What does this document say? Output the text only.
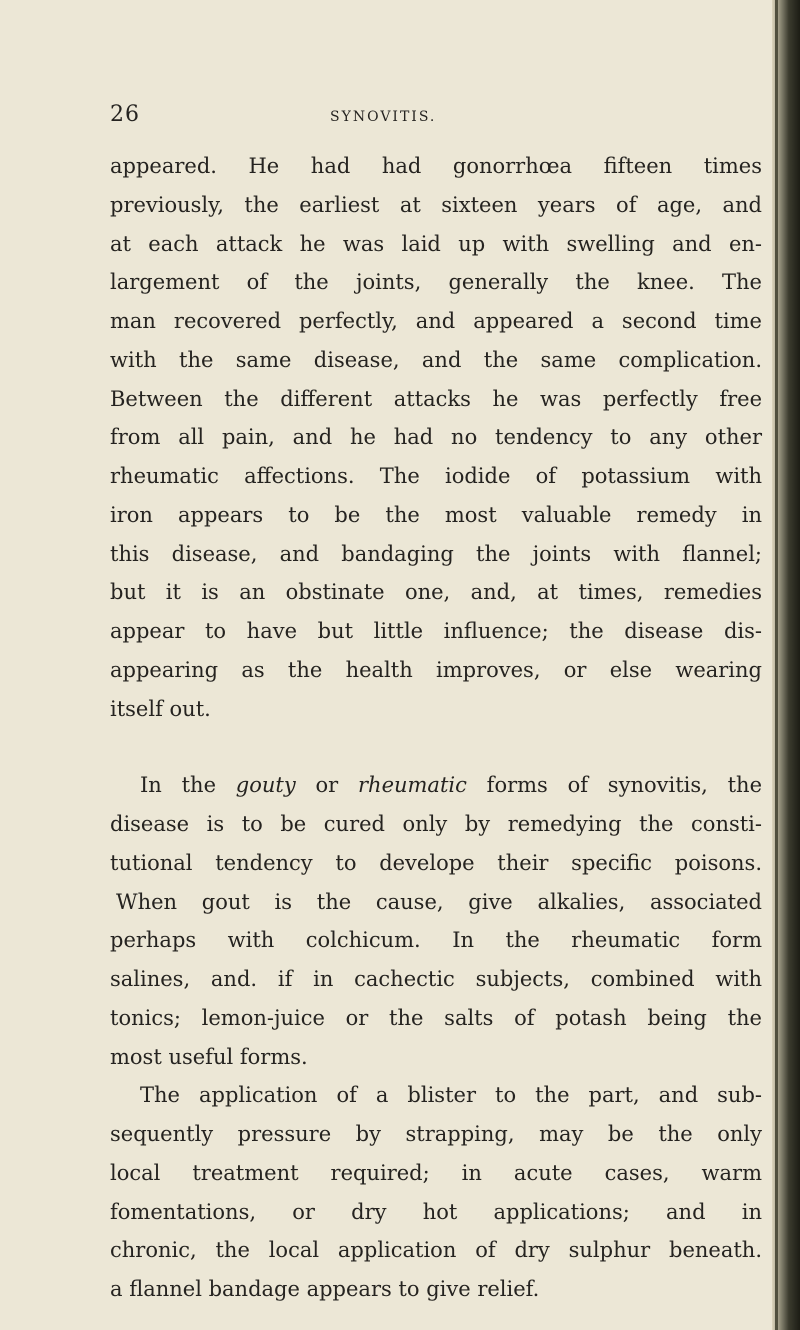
26	SYNOVITIS.
appeared. He had had gonorrhœa fifteen times
previously, the earliest at sixteen years of age, and
at each attack he was laid up with swelling and en-
largement of the joints, generally the knee. The
man recovered perfectly, and appeared a second time
with the same disease, and the same complication.
Between the different attacks he was perfectly free
from all pain, and he had no tendency to any other
rheumatic affections. The iodide of potassium with
iron appears to be the most valuable remedy in
this disease, and bandaging the joints with flannel;
but it is an obstinate one, and, at times, remedies
appear to have but little influence; the disease dis-
appearing as the health improves, or else wearing
itself out.
In the gouty or rheumatic forms of synovitis, the
disease is to be cured only by remedying the consti-
tutional tendency to develope their specific poisons.
When gout is the cause, give alkalies, associated
perhaps with colchicum. In the rheumatic form
salines, and. if in cachectic subjects, combined with
tonics; lemon-juice or the salts of potash being the
most useful forms.
The application of a blister to the part, and sub-
sequently pressure by strapping, may be the only
local treatment required; in acute cases, warm
fomentations, or dry hot applications; and in
chronic, the local application of dry sulphur beneath.
a flannel bandage appears to give relief.
